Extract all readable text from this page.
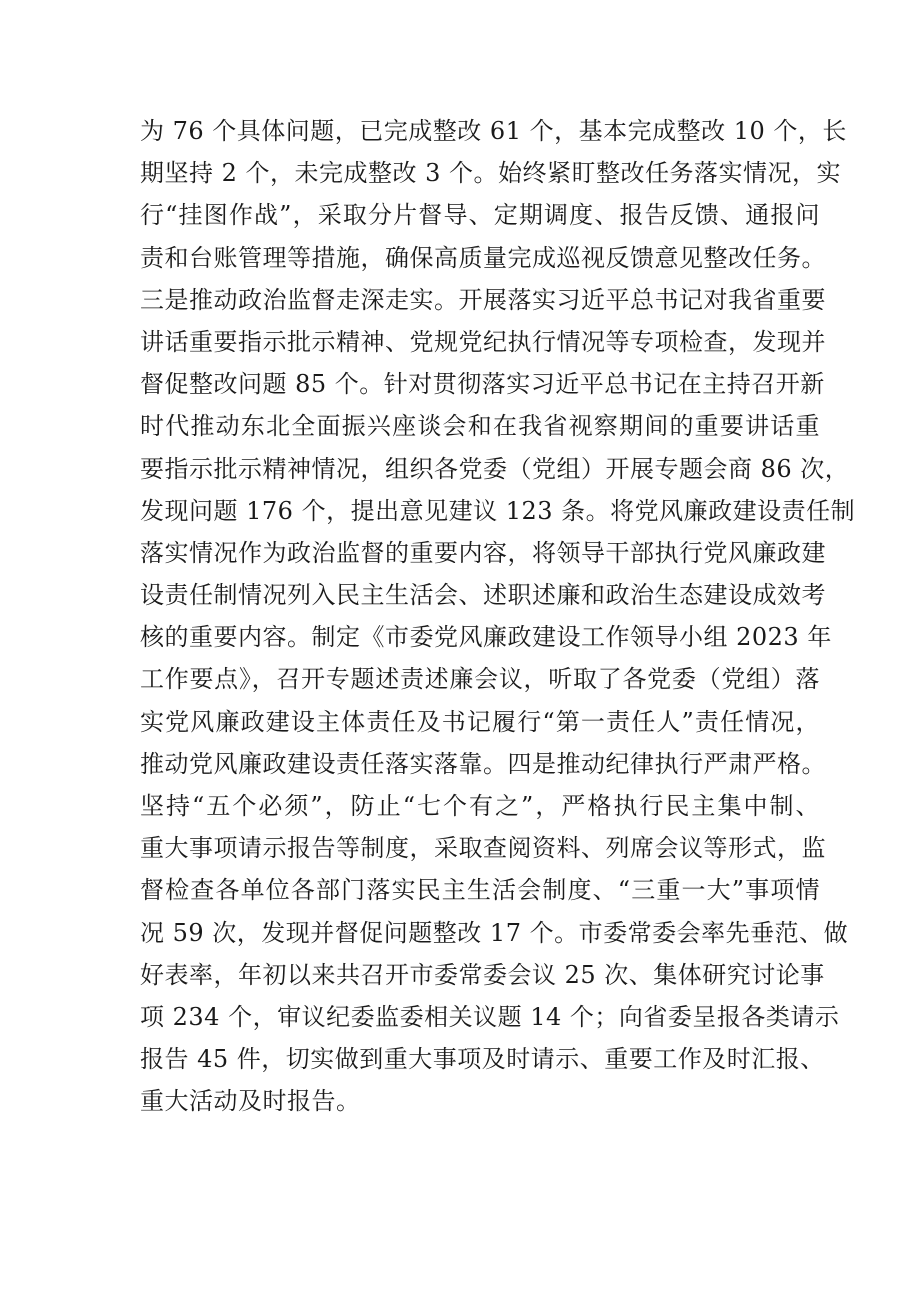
为 76 个具体问题，已完成整改 61 个，基本完成整改 10 个，长
期坚持 2 个，未完成整改 3 个。始终紧盯整改任务落实情况，实
行“挂图作战”，采取分片督导、定期调度、报告反馈、通报问
责和台账管理等措施，确保高质量完成巡视反馈意见整改任务。
三是推动政治监督走深走实。开展落实习近平总书记对我省重要
讲话重要指示批示精神、党规党纪执行情况等专项检查，发现并
督促整改问题 85 个。针对贯彻落实习近平总书记在主持召开新
时代推动东北全面振兴座谈会和在我省视察期间的重要讲话重
要指示批示精神情况，组织各党委（党组）开展专题会商 86 次，
发现问题 176 个，提出意见建议 123 条。将党风廉政建设责任制
落实情况作为政治监督的重要内容，将领导干部执行党风廉政建
设责任制情况列入民主生活会、述职述廉和政治生态建设成效考
核的重要内容。制定《市委党风廉政建设工作领导小组 2023 年
工作要点》，召开专题述责述廉会议，听取了各党委（党组）落
实党风廉政建设主体责任及书记履行“第一责任人”责任情况，
推动党风廉政建设责任落实落靠。四是推动纪律执行严肃严格。
坚持“五个必须”，防止“七个有之”，严格执行民主集中制、
重大事项请示报告等制度，采取查阅资料、列席会议等形式，监
督检查各单位各部门落实民主生活会制度、“三重一大”事项情
况 59 次，发现并督促问题整改 17 个。市委常委会率先垂范、做
好表率，年初以来共召开市委常委会议 25 次、集体研究讨论事
项 234 个，审议纪委监委相关议题 14 个；向省委呈报各类请示
报告 45 件，切实做到重大事项及时请示、重要工作及时汇报、
重大活动及时报告。
